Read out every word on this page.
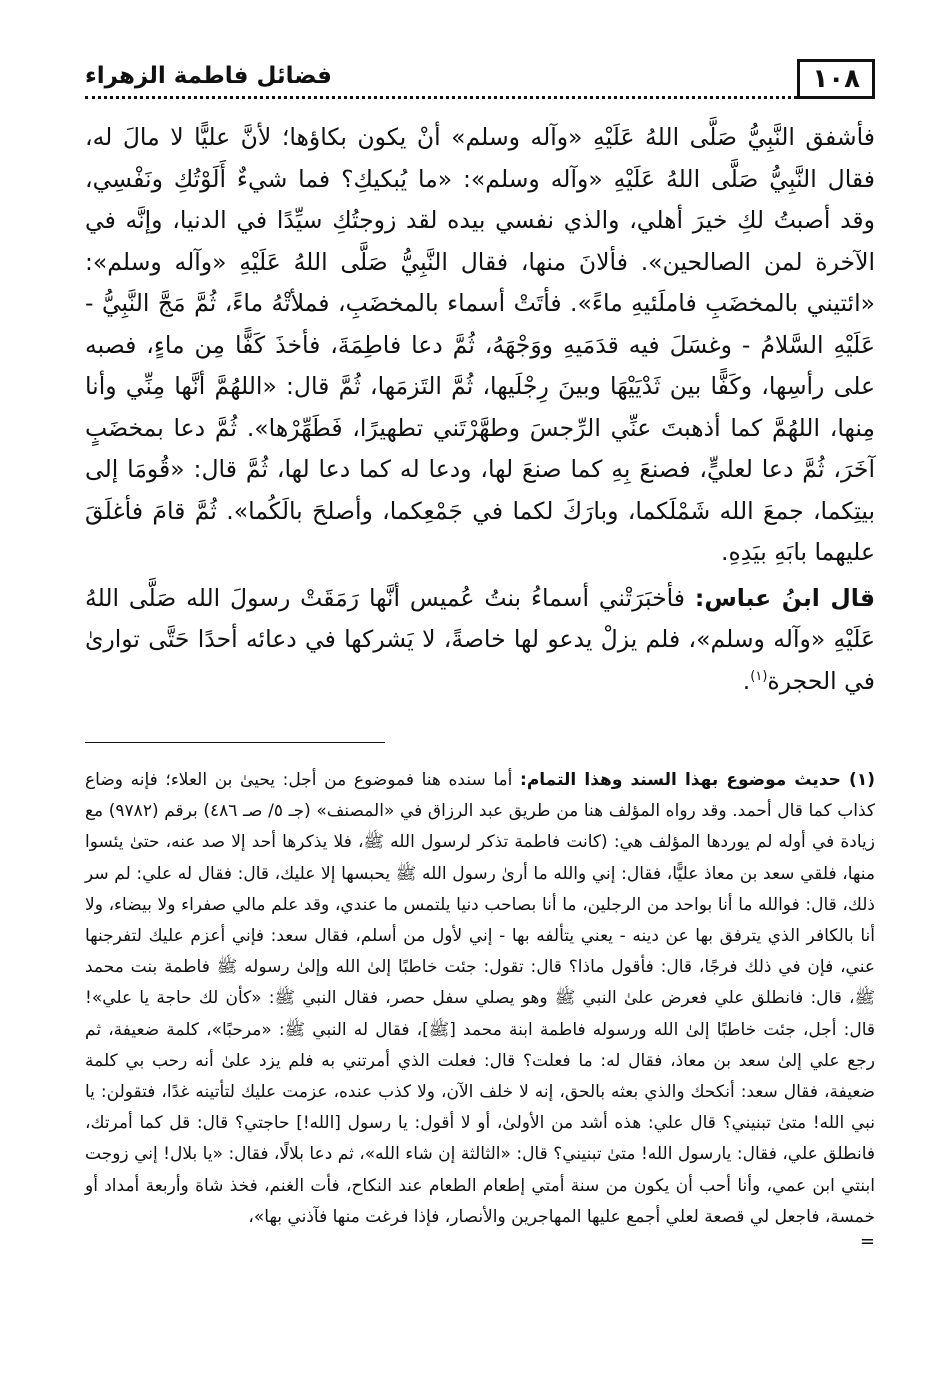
١٠٨
فضائل فاطمة الزهراء

فأشفق النَّبِيُّ صَلَّى اللهُ عَلَيْهِ «وآله وسلم» أنْ يكون بكاؤها؛ لأنَّ عليًّا لا مالَ له، فقال النَّبِيُّ صَلَّى اللهُ عَلَيْهِ «وآله وسلم»: «ما يُبكيكِ؟ فما شيءٌ أَلَوْتُكِ ونَفْسِي، وقد أصبتُ لكِ خيرَ أهلي، والذي نفسي بيده لقد زوجتُكِ سيِّدًا في الدنيا، وإنَّه في الآخرة لمن الصالحين». فألانَ منها، فقال النَّبِيُّ صَلَّى اللهُ عَلَيْهِ «وآله وسلم»: «ائتيني بالمخضَبِ فاملَئيهِ ماءً». فأتَتْ أسماء بالمخضَبِ، فملأتْهُ ماءً، ثُمَّ مَجَّ النَّبِيُّ - عَلَيْهِ السَّلامُ - وغسَلَ فيه قدَمَيهِ ووَجْهَهُ، ثُمَّ دعا فاطِمَةَ، فأخذَ كَفًّا مِن ماءٍ، فصبه على رأسِها، وكَفًّا بين ثَدْيَيْهَا وبينَ رِجْلَيها، ثُمَّ التَزمَها، ثُمَّ قال: «اللهُمَّ أنَّها مِنِّي وأنا مِنها، اللهُمَّ كما أذهبتَ عنِّي الرِّجسَ وطهَّرْتَني تطهيرًا، فَطَهِّرْها». ثُمَّ دعا بمخضَبٍ آخَرَ، ثُمَّ دعا لعليٍّ، فصنعَ بِهِ كما صنعَ لها، ودعا له كما دعا لها، ثُمَّ قال: «قُومَا إلى بيتِكما، جمعَ الله شَمْلَكما، وبارَكَ لكما في جَمْعِكما، وأصلحَ بالَكُما». ثُمَّ قامَ فأغلَقَ عليهما بابَهِ بيَدِهِ.

قال ابنُ عباس: فأخبَرَتْني أسماءُ بنتُ عُميس أنَّها رَمَقَتْ رسولَ الله صَلَّى اللهُ عَلَيْهِ «وآله وسلم»، فلم يزلْ يدعو لها خاصةً، لا يَشركها في دعائه أحدًا حَتَّى توارىٰ في الحجرة$^{(١)}$.

(١) حديث موضوع بهذا السند وهذا التمام: أما سنده هنا فموضوع من أجل: يحيىٰ بن العلاء؛ فإنه وضاع كذاب كما قال أحمد. وقد رواه المؤلف هنا من طريق عبد الرزاق في «المصنف» (جـ ٥/ صـ ٤٨٦) برقم (٩٧٨٢) مع زيادة في أوله لم يوردها المؤلف هي: (كانت فاطمة تذكر لرسول الله ﷺ، فلا يذكرها أحد إلا صد عنه، حتىٰ يئسوا منها، فلقي سعد بن معاذ عليًّا، فقال: إني والله ما أرىٰ رسول الله ﷺ يحبسها إلا عليك، قال: فقال له علي: لم سر ذلك، قال: فوالله ما أنا بواحد من الرجلين، ما أنا بصاحب دنيا يلتمس ما عندي، وقد علم مالي صفراء ولا بيضاء، ولا أنا بالكافر الذي يترفق بها عن دينه - يعني يتألفه بها - إني لأول من أسلم، فقال سعد: فإني أعزم عليك لتفرجنها عني، فإن في ذلك فرجًا، قال: فأقول ماذا؟ قال: تقول: جئت خاطبًا إلىٰ الله وإلىٰ رسوله ﷺ فاطمة بنت محمد ﷺ، قال: فانطلق علي فعرض علىٰ النبي ﷺ وهو يصلي سفل حصر، فقال النبي ﷺ: «كأن لك حاجة يا علي»! قال: أجل، جئت خاطبًا إلىٰ الله ورسوله فاطمة ابنة محمد [ﷺ]، فقال له النبي ﷺ: «مرحبًا»، كلمة ضعيفة، ثم رجع علي إلىٰ سعد بن معاذ، فقال له: ما فعلت؟ قال: فعلت الذي أمرتني به فلم يزد علىٰ أنه رحب بي كلمة ضعيفة، فقال سعد: أنكحك والذي بعثه بالحق، إنه لا خلف الآن، ولا كذب عنده، عزمت عليك لتأتينه غدًا، فتقولن: يا نبي الله! متىٰ تبنيني؟ قال علي: هذه أشد من الأولىٰ، أو لا أقول: يا رسول [الله!] حاجتي؟ قال: قل كما أمرتك، فانطلق علي، فقال: يارسول الله! متىٰ تبنيني؟ قال: «الثالثة إن شاء الله»، ثم دعا بلالًا، فقال: «يا بلال! إني زوجت ابنتي ابن عمي، وأنا أحب أن يكون من سنة أمتي إطعام الطعام عند النكاح، فأت الغنم، فخذ شاة وأربعة أمداد أو خمسة، فاجعل لي قصعة لعلي أجمع عليها المهاجرين والأنصار، فإذا فرغت منها فآذني بها»،

=
